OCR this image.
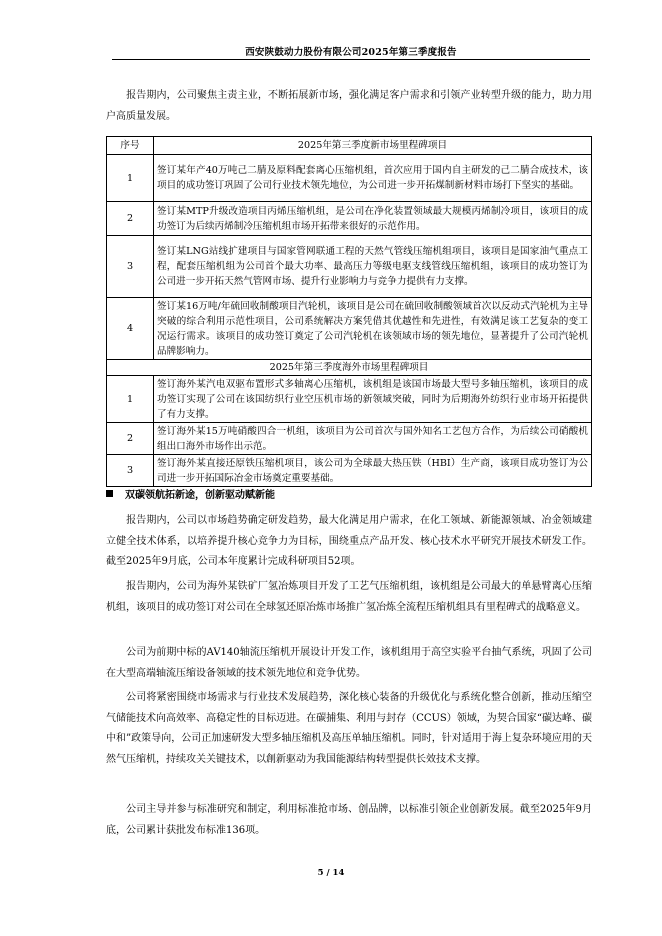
西安陕鼓动力股份有限公司2025年第三季度报告

报告期内，公司聚焦主责主业，不断拓展新市场，强化满足客户需求和引领产业转型升级的能力，助力用户高质量发展。

序号	2025年第三季度新市场里程碑项目
1	签订某年产40万吨己二腈及原料配套离心压缩机组，首次应用于国内自主研发的己二腈合成技术，该项目的成功签订巩固了公司行业技术领先地位，为公司进一步开拓煤制新材料市场打下坚实的基础。
2	签订某MTP升级改造项目丙烯压缩机组，是公司在净化装置领域最大规模丙烯制冷项目，该项目的成功签订为后续丙烯制冷压缩机组市场开拓带来很好的示范作用。
3	签订某LNG站线扩建项目与国家管网联通工程的天然气管线压缩机组项目，该项目是国家油气重点工程，配套压缩机组为公司首个最大功率、最高压力等级电驱支线管线压缩机组，该项目的成功签订为公司进一步开拓天然气管网市场、提升行业影响力与竞争力提供有力支撑。
4	签订某16万吨/年硫回收制酸项目汽轮机，该项目是公司在硫回收制酸领域首次以反动式汽轮机为主导突破的综合利用示范性项目，公司系统解决方案凭借其优越性和先进性，有效满足该工艺复杂的变工况运行需求。该项目的成功签订奠定了公司汽轮机在该领域市场的领先地位，显著提升了公司汽轮机品牌影响力。
2025年第三季度海外市场里程碑项目	
1	签订海外某汽电双驱布置形式多轴离心压缩机，该机组是该国市场最大型号多轴压缩机，该项目的成功签订实现了公司在该国纺织行业空压机市场的新领域突破，同时为后期海外纺织行业市场开拓提供了有力支撑。
2	签订海外某15万吨硝酸四合一机组，该项目为公司首次与国外知名工艺包方合作，为后续公司硝酸机组出口海外市场作出示范。
3	签订海外某直接还原铁压缩机项目，该公司为全球最大热压铁（HBI）生产商，该项目成功签订为公司进一步开拓国际冶金市场奠定重要基础。
双碳领航拓新途，创新驱动赋新能

报告期内，公司以市场趋势确定研发趋势，最大化满足用户需求，在化工领域、新能源领域、冶金领域建立健全技术体系，以培养提升核心竞争力为目标，围绕重点产品开发、核心技术水平研究开展技术研发工作。截至2025年9月底，公司本年度累计完成科研项目52项。

报告期内，公司为海外某铁矿厂氢冶炼项目开发了工艺气压缩机组，该机组是公司最大的单悬臂离心压缩机组，该项目的成功签订对公司在全球氢还原冶炼市场推广氢冶炼全流程压缩机组具有里程碑式的战略意义。

公司为前期中标的AV140轴流压缩机开展设计开发工作，该机组用于高空实验平台抽气系统，巩固了公司在大型高端轴流压缩设备领域的技术领先地位和竞争优势。

公司将紧密围绕市场需求与行业技术发展趋势，深化核心装备的升级优化与系统化整合创新，推动压缩空气储能技术向高效率、高稳定性的目标迈进。在碳捕集、利用与封存（CCUS）领域，为契合国家“碳达峰、碳中和”政策导向，公司正加速研发大型多轴压缩机及高压单轴压缩机。同时，针对适用于海上复杂环境应用的天然气压缩机，持续攻关关键技术，以創新驱动为我国能源结构转型提供长效技术支撑。

公司主导并参与标准研究和制定，利用标准抢市场、创品牌，以标准引领企业创新发展。截至2025年9月底，公司累计获批发布标准136项。

5 / 14
